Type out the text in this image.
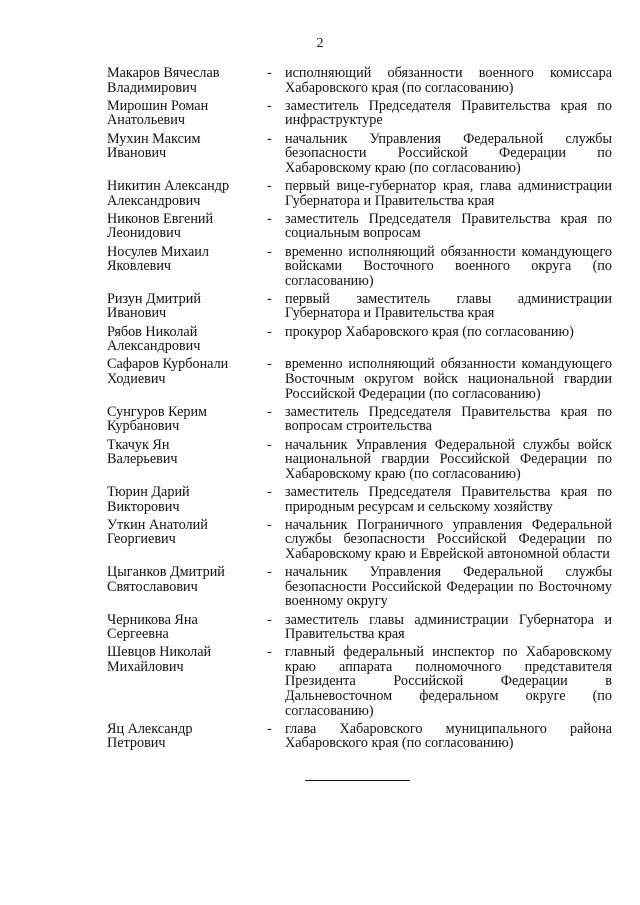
2
Макаров Вячеслав
Владимирович
- исполняющий обязанности военного комиссара Хабаровского края (по согласованию)
Мирошин Роман
Анатольевич
- заместитель Председателя Правительства края по инфраструктуре
Мухин Максим
Иванович
- начальник Управления Федеральной службы безопасности Российской Федерации по Хабаровскому краю (по согласованию)
Никитин Александр
Александрович
- первый вице-губернатор края, глава администрации Губернатора и Правительства края
Никонов Евгений
Леонидович
- заместитель Председателя Правительства края по социальным вопросам
Носулев Михаил
Яковлевич
- временно исполняющий обязанности командующего войсками Восточного военного округа (по согласованию)
Ризун Дмитрий
Иванович
- первый заместитель главы администрации Губернатора и Правительства края
Рябов Николай
Александрович
- прокурор Хабаровского края (по согласованию)
Сафаров Курбонали
Ходиевич
- временно исполняющий обязанности командующего Восточным округом войск национальной гвардии Российской Федерации (по согласованию)
Сунгуров Керим
Курбанович
- заместитель Председателя Правительства края по вопросам строительства
Ткачук Ян
Валерьевич
- начальник Управления Федеральной службы войск национальной гвардии Российской Федерации по Хабаровскому краю (по согласованию)
Тюрин Дарий
Викторович
- заместитель Председателя Правительства края по природным ресурсам и сельскому хозяйству
Уткин Анатолий
Георгиевич
- начальник Пограничного управления Федеральной службы безопасности Российской Федерации по Хабаровскому краю и Еврейской автономной области
Цыганков Дмитрий
Святославович
- начальник Управления Федеральной службы безопасности Российской Федерации по Восточному военному округу
Черникова Яна
Сергеевна
- заместитель главы администрации Губернатора и Правительства края
Шевцов Николай
Михайлович
- главный федеральный инспектор по Хабаровскому краю аппарата полномочного представителя Президента Российской Федерации в Дальневосточном федеральном округе (по согласованию)
Яц Александр
Петрович
- глава Хабаровского муниципального района Хабаровского края (по согласованию)
